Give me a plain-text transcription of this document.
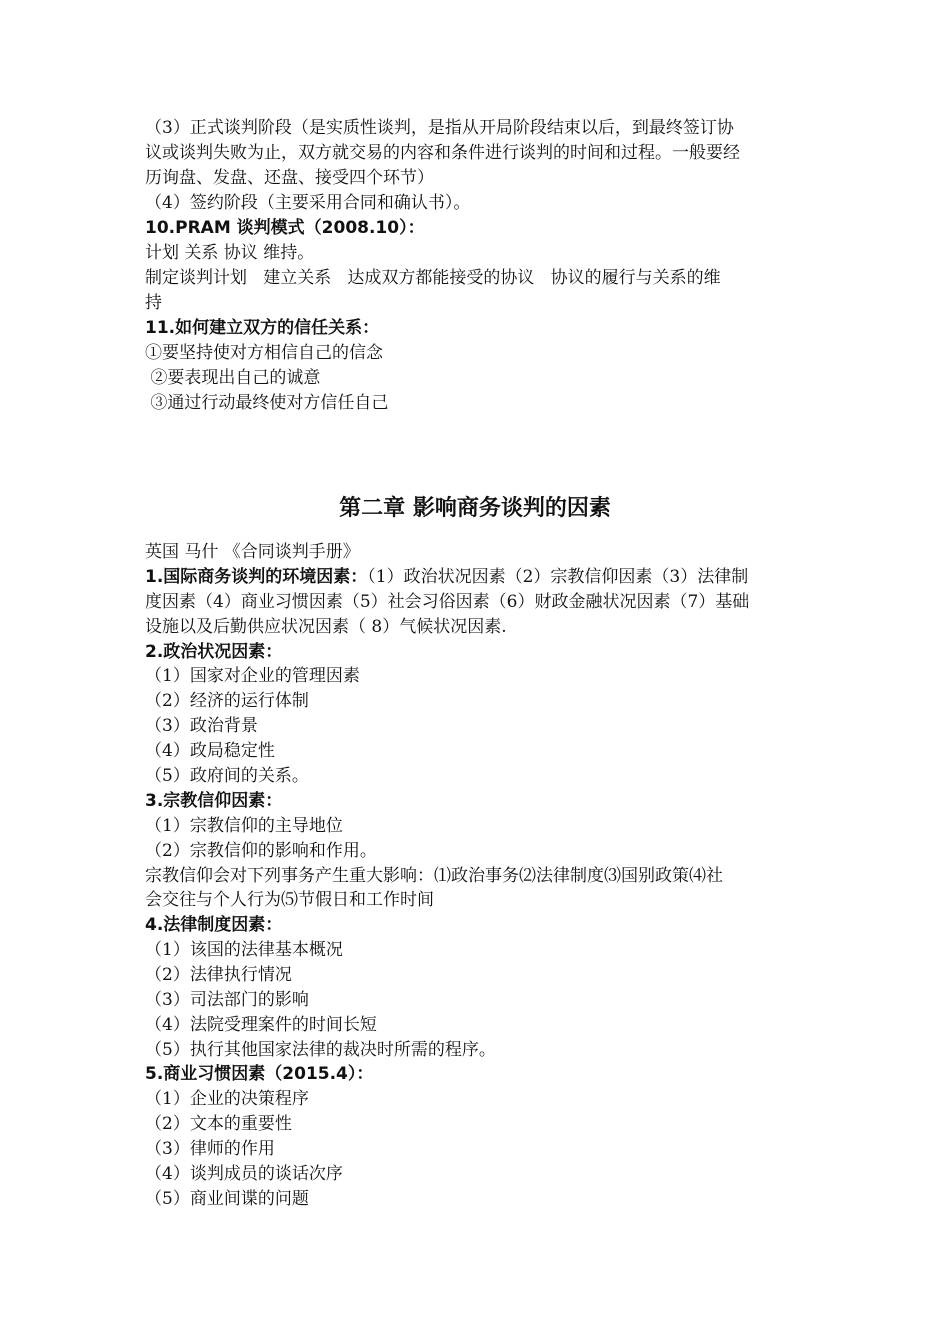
（3）正式谈判阶段（是实质性谈判，是指从开局阶段结束以后，到最终签订协
议或谈判失败为止，双方就交易的内容和条件进行谈判的时间和过程。一般要经
历询盘、发盘、还盘、接受四个环节）
（4）签约阶段（主要采用合同和确认书）。
10.PRAM 谈判模式（2008.10）：
计划 关系 协议 维持。
制定谈判计划   建立关系   达成双方都能接受的协议   协议的履行与关系的维
持
11.如何建立双方的信任关系：
①要坚持使对方相信自己的信念
②要表现出自己的诚意
③通过行动最终使对方信任自己
第二章 影响商务谈判的因素
英国 马什 《合同谈判手册》
1.国际商务谈判的环境因素：（1）政治状况因素（2）宗教信仰因素（3）法律制
度因素（4）商业习惯因素（5）社会习俗因素（6）财政金融状况因素（7）基础
设施以及后勤供应状况因素（ 8）气候状况因素.
2.政治状况因素：
（1）国家对企业的管理因素
（2）经济的运行体制
（3）政治背景
（4）政局稳定性
（5）政府间的关系。
3.宗教信仰因素：
（1）宗教信仰的主导地位
（2）宗教信仰的影响和作用。
宗教信仰会对下列事务产生重大影响：⑴政治事务⑵法律制度⑶国别政策⑷社
会交往与个人行为⑸节假日和工作时间
4.法律制度因素：
（1）该国的法律基本概况
（2）法律执行情况
（3）司法部门的影响
（4）法院受理案件的时间长短
（5）执行其他国家法律的裁决时所需的程序。
5.商业习惯因素（2015.4）：
（1）企业的决策程序
（2）文本的重要性
（3）律师的作用
（4）谈判成员的谈话次序
（5）商业间谍的问题
